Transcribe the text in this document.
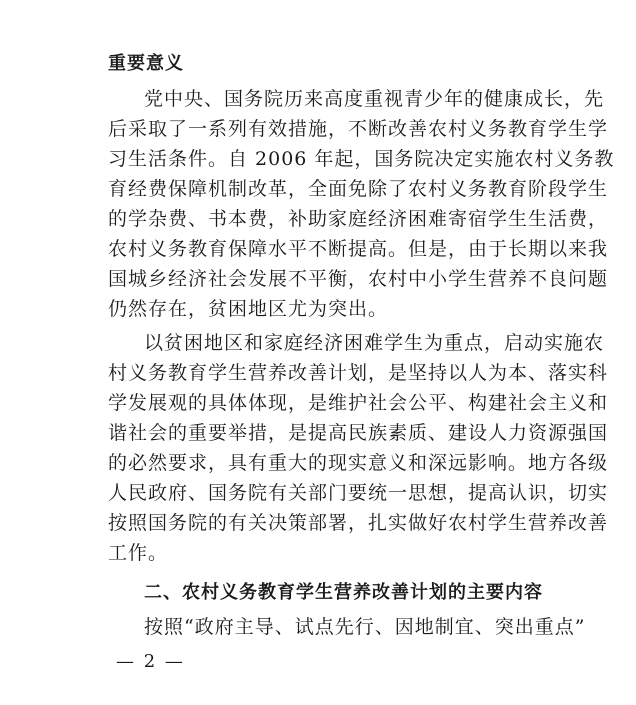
重要意义
党中央、国务院历来高度重视青少年的健康成长，先
后采取了一系列有效措施，不断改善农村义务教育学生学
习生活条件。自 2006 年起，国务院决定实施农村义务教
育经费保障机制改革，全面免除了农村义务教育阶段学生
的学杂费、书本费，补助家庭经济困难寄宿学生生活费，
农村义务教育保障水平不断提高。但是，由于长期以来我
国城乡经济社会发展不平衡，农村中小学生营养不良问题
仍然存在，贫困地区尤为突出。
以贫困地区和家庭经济困难学生为重点，启动实施农
村义务教育学生营养改善计划，是坚持以人为本、落实科
学发展观的具体体现，是维护社会公平、构建社会主义和
谐社会的重要举措，是提高民族素质、建设人力资源强国
的必然要求，具有重大的现实意义和深远影响。地方各级
人民政府、国务院有关部门要统一思想，提高认识，切实
按照国务院的有关决策部署，扎实做好农村学生营养改善
工作。
二、农村义务教育学生营养改善计划的主要内容
按照“政府主导、试点先行、因地制宜、突出重点”
— 2 —
